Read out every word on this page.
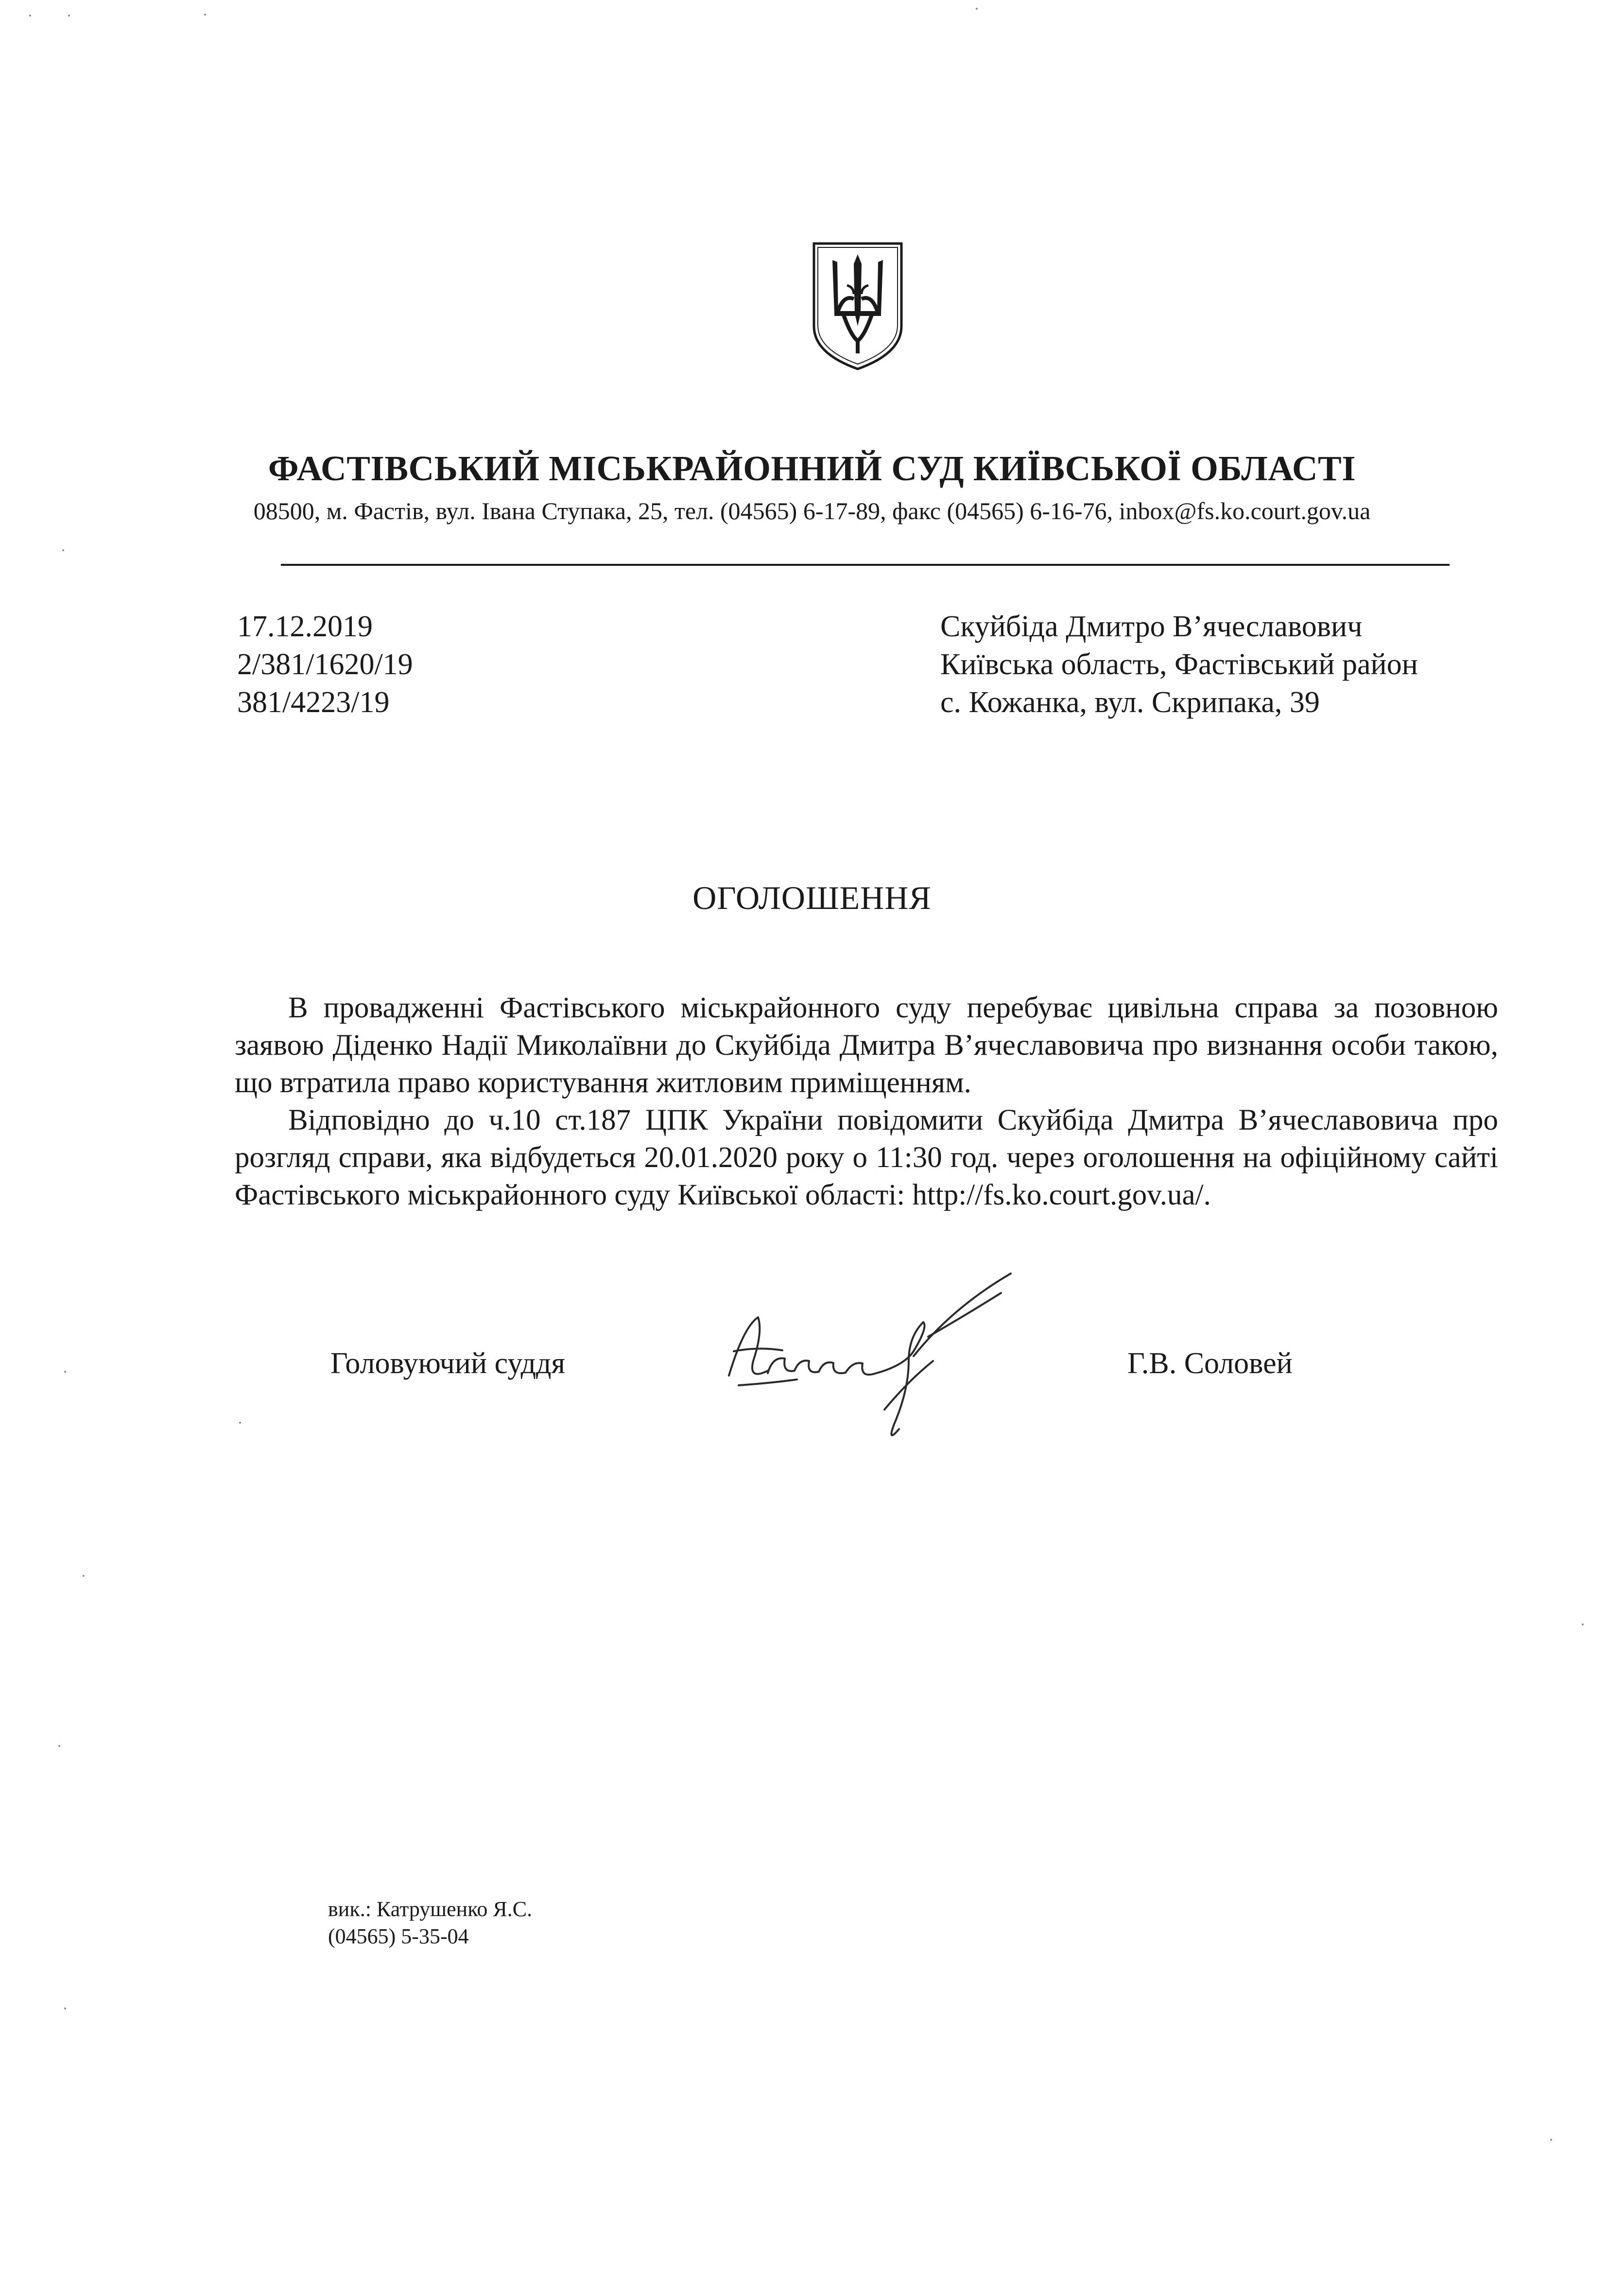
ФАСТІВСЬКИЙ МІСЬКРАЙОННИЙ СУД КИЇВСЬКОЇ ОБЛАСТІ
08500, м. Фастів, вул. Івана Ступака, 25, тел. (04565) 6-17-89, факс (04565) 6-16-76, inbox@fs.ko.court.gov.ua
17.12.2019
2/381/1620/19
381/4223/19
Скуйбіда Дмитро В’ячеславович
Київська область, Фастівський район
с. Кожанка, вул. Скрипака, 39
ОГОЛОШЕННЯ

В провадженні Фастівського міськрайонного суду перебуває цивільна справа за позовною заявою Діденко Надії Миколаївни до Скуйбіда Дмитра В’ячеславовича про визнання особи такою, що втратила право користування житловим приміщенням.

Відповідно до ч.10 ст.187 ЦПК України повідомити Скуйбіда Дмитра В’ячеславовича про розгляд справи, яка відбудеться 20.01.2020 року о 11:30 год. через оголошення на офіційному сайті Фастівського міськрайонного суду Київської області: http://fs.ko.court.gov.ua/.

Головуючий суддя	Г.В. Соловей
вик.: Катрушенко Я.С.
(04565) 5-35-04
